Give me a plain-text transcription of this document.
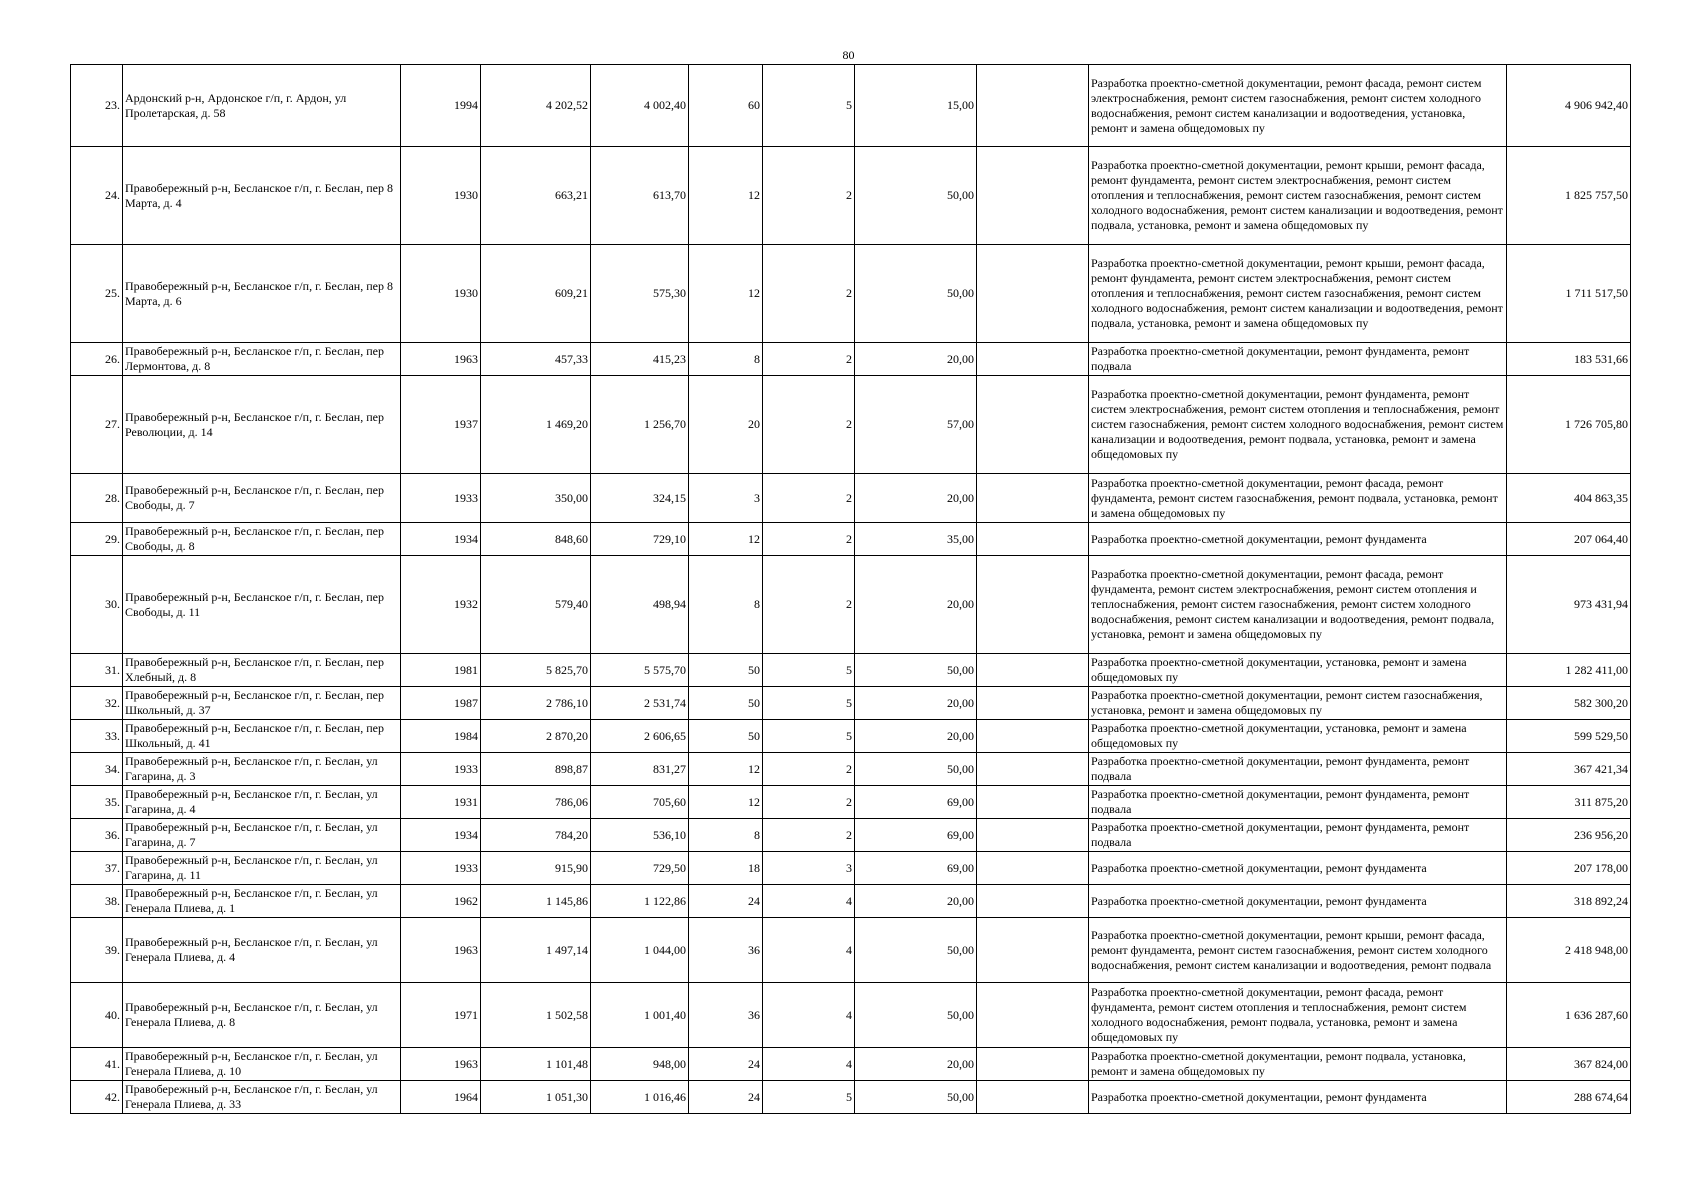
80
23.	Ардонский р-н, Ардонское г/п, г. Ардон, ул Пролетарская, д. 58	1994	4 202,52	4 002,40	60	5	15,00		Разработка проектно-сметной документации, ремонт фасада, ремонт систем электроснабжения, ремонт систем газоснабжения, ремонт систем холодного водоснабжения, ремонт систем канализации и водоотведения, установка, ремонт и замена общедомовых пу	4 906 942,40
24.	Правобережный р-н, Бесланское г/п, г. Беслан, пер 8 Марта, д. 4	1930	663,21	613,70	12	2	50,00		Разработка проектно-сметной документации, ремонт крыши, ремонт фасада, ремонт фундамента, ремонт систем электроснабжения, ремонт систем отопления и теплоснабжения, ремонт систем газоснабжения, ремонт систем холодного водоснабжения, ремонт систем канализации и водоотведения, ремонт подвала, установка, ремонт и замена общедомовых пу	1 825 757,50
25.	Правобережный р-н, Бесланское г/п, г. Беслан, пер 8 Марта, д. 6	1930	609,21	575,30	12	2	50,00		Разработка проектно-сметной документации, ремонт крыши, ремонт фасада, ремонт фундамента, ремонт систем электроснабжения, ремонт систем отопления и теплоснабжения, ремонт систем газоснабжения, ремонт систем холодного водоснабжения, ремонт систем канализации и водоотведения, ремонт подвала, установка, ремонт и замена общедомовых пу	1 711 517,50
26.	Правобережный р-н, Бесланское г/п, г. Беслан, пер Лермонтова, д. 8	1963	457,33	415,23	8	2	20,00		Разработка проектно-сметной документации, ремонт фундамента, ремонт подвала	183 531,66
27.	Правобережный р-н, Бесланское г/п, г. Беслан, пер Революции, д. 14	1937	1 469,20	1 256,70	20	2	57,00		Разработка проектно-сметной документации, ремонт фундамента, ремонт систем электроснабжения, ремонт систем отопления и теплоснабжения, ремонт систем газоснабжения, ремонт систем холодного водоснабжения, ремонт систем канализации и водоотведения, ремонт подвала, установка, ремонт и замена общедомовых пу	1 726 705,80
28.	Правобережный р-н, Бесланское г/п, г. Беслан, пер Свободы, д. 7	1933	350,00	324,15	3	2	20,00		Разработка проектно-сметной документации, ремонт фасада, ремонт фундамента, ремонт систем газоснабжения, ремонт подвала, установка, ремонт и замена общедомовых пу	404 863,35
29.	Правобережный р-н, Бесланское г/п, г. Беслан, пер Свободы, д. 8	1934	848,60	729,10	12	2	35,00		Разработка проектно-сметной документации, ремонт фундамента	207 064,40
30.	Правобережный р-н, Бесланское г/п, г. Беслан, пер Свободы, д. 11	1932	579,40	498,94	8	2	20,00		Разработка проектно-сметной документации, ремонт фасада, ремонт фундамента, ремонт систем электроснабжения, ремонт систем отопления и теплоснабжения, ремонт систем газоснабжения, ремонт систем холодного водоснабжения, ремонт систем канализации и водоотведения, ремонт подвала, установка, ремонт и замена общедомовых пу	973 431,94
31.	Правобережный р-н, Бесланское г/п, г. Беслан, пер Хлебный, д. 8	1981	5 825,70	5 575,70	50	5	50,00		Разработка проектно-сметной документации, установка, ремонт и замена общедомовых пу	1 282 411,00
32.	Правобережный р-н, Бесланское г/п, г. Беслан, пер Школьный, д. 37	1987	2 786,10	2 531,74	50	5	20,00		Разработка проектно-сметной документации, ремонт систем газоснабжения, установка, ремонт и замена общедомовых пу	582 300,20
33.	Правобережный р-н, Бесланское г/п, г. Беслан, пер Школьный, д. 41	1984	2 870,20	2 606,65	50	5	20,00		Разработка проектно-сметной документации, установка, ремонт и замена общедомовых пу	599 529,50
34.	Правобережный р-н, Бесланское г/п, г. Беслан, ул Гагарина, д. 3	1933	898,87	831,27	12	2	50,00		Разработка проектно-сметной документации, ремонт фундамента, ремонт подвала	367 421,34
35.	Правобережный р-н, Бесланское г/п, г. Беслан, ул Гагарина, д. 4	1931	786,06	705,60	12	2	69,00		Разработка проектно-сметной документации, ремонт фундамента, ремонт подвала	311 875,20
36.	Правобережный р-н, Бесланское г/п, г. Беслан, ул Гагарина, д. 7	1934	784,20	536,10	8	2	69,00		Разработка проектно-сметной документации, ремонт фундамента, ремонт подвала	236 956,20
37.	Правобережный р-н, Бесланское г/п, г. Беслан, ул Гагарина, д. 11	1933	915,90	729,50	18	3	69,00		Разработка проектно-сметной документации, ремонт фундамента	207 178,00
38.	Правобережный р-н, Бесланское г/п, г. Беслан, ул Генерала Плиева, д. 1	1962	1 145,86	1 122,86	24	4	20,00		Разработка проектно-сметной документации, ремонт фундамента	318 892,24
39.	Правобережный р-н, Бесланское г/п, г. Беслан, ул Генерала Плиева, д. 4	1963	1 497,14	1 044,00	36	4	50,00		Разработка проектно-сметной документации, ремонт крыши, ремонт фасада, ремонт фундамента, ремонт систем газоснабжения, ремонт систем холодного водоснабжения, ремонт систем канализации и водоотведения, ремонт подвала	2 418 948,00
40.	Правобережный р-н, Бесланское г/п, г. Беслан, ул Генерала Плиева, д. 8	1971	1 502,58	1 001,40	36	4	50,00		Разработка проектно-сметной документации, ремонт фасада, ремонт фундамента, ремонт систем отопления и теплоснабжения, ремонт систем холодного водоснабжения, ремонт подвала, установка, ремонт и замена общедомовых пу	1 636 287,60
41.	Правобережный р-н, Бесланское г/п, г. Беслан, ул Генерала Плиева, д. 10	1963	1 101,48	948,00	24	4	20,00		Разработка проектно-сметной документации, ремонт подвала, установка, ремонт и замена общедомовых пу	367 824,00
42.	Правобережный р-н, Бесланское г/п, г. Беслан, ул Генерала Плиева, д. 33	1964	1 051,30	1 016,46	24	5	50,00		Разработка проектно-сметной документации, ремонт фундамента	288 674,64
